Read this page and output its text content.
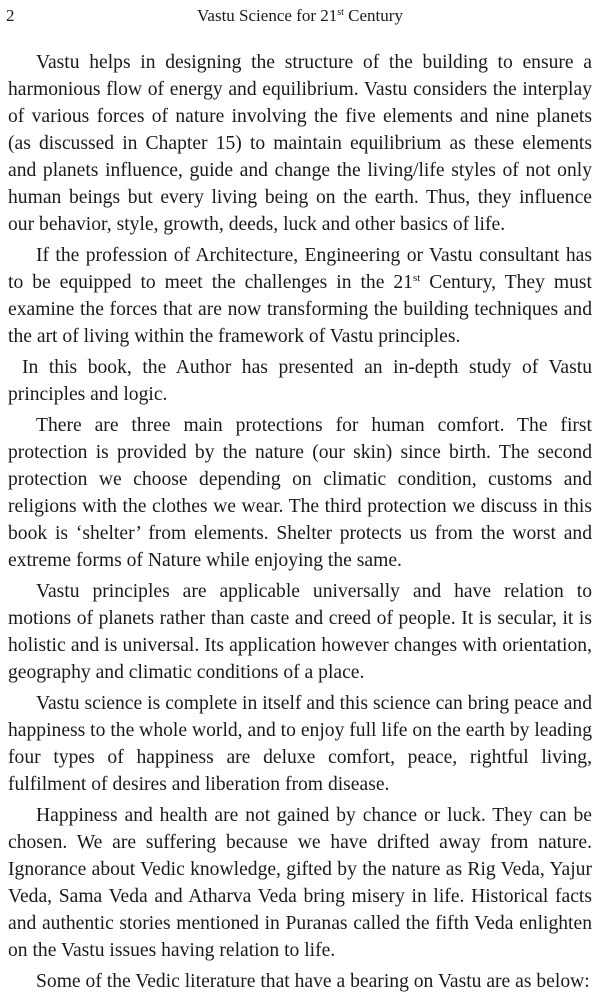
2	Vastu Science for 21st Century

Vastu helps in designing the structure of the building to ensure a harmonious flow of energy and equilibrium. Vastu considers the interplay of various forces of nature involving the five elements and nine planets (as discussed in Chapter 15) to maintain equilibrium as these elements and planets influence, guide and change the living/life styles of not only human beings but every living being on the earth. Thus, they influence our behavior, style, growth, deeds, luck and other basics of life.

If the profession of Architecture, Engineering or Vastu consultant has to be equipped to meet the challenges in the 21st Century, They must examine the forces that are now transforming the building techniques and the art of living within the framework of Vastu principles.

In this book, the Author has presented an in-depth study of Vastu principles and logic.

There are three main protections for human comfort. The first protection is provided by the nature (our skin) since birth. The second protection we choose depending on climatic condition, customs and religions with the clothes we wear. The third protection we discuss in this book is ‘shelter’ from elements. Shelter protects us from the worst and extreme forms of Nature while enjoying the same.

Vastu principles are applicable universally and have relation to motions of planets rather than caste and creed of people. It is secular, it is holistic and is universal. Its application however changes with orientation, geography and climatic conditions of a place.

Vastu science is complete in itself and this science can bring peace and happiness to the whole world, and to enjoy full life on the earth by leading four types of happiness are deluxe comfort, peace, rightful living, fulfilment of desires and liberation from disease.

Happiness and health are not gained by chance or luck. They can be chosen. We are suffering because we have drifted away from nature. Ignorance about Vedic knowledge, gifted by the nature as Rig Veda, Yajur Veda, Sama Veda and Atharva Veda bring misery in life. Historical facts and authentic stories mentioned in Puranas called the fifth Veda enlighten on the Vastu issues having relation to life.

Some of the Vedic literature that have a bearing on Vastu are as below:
